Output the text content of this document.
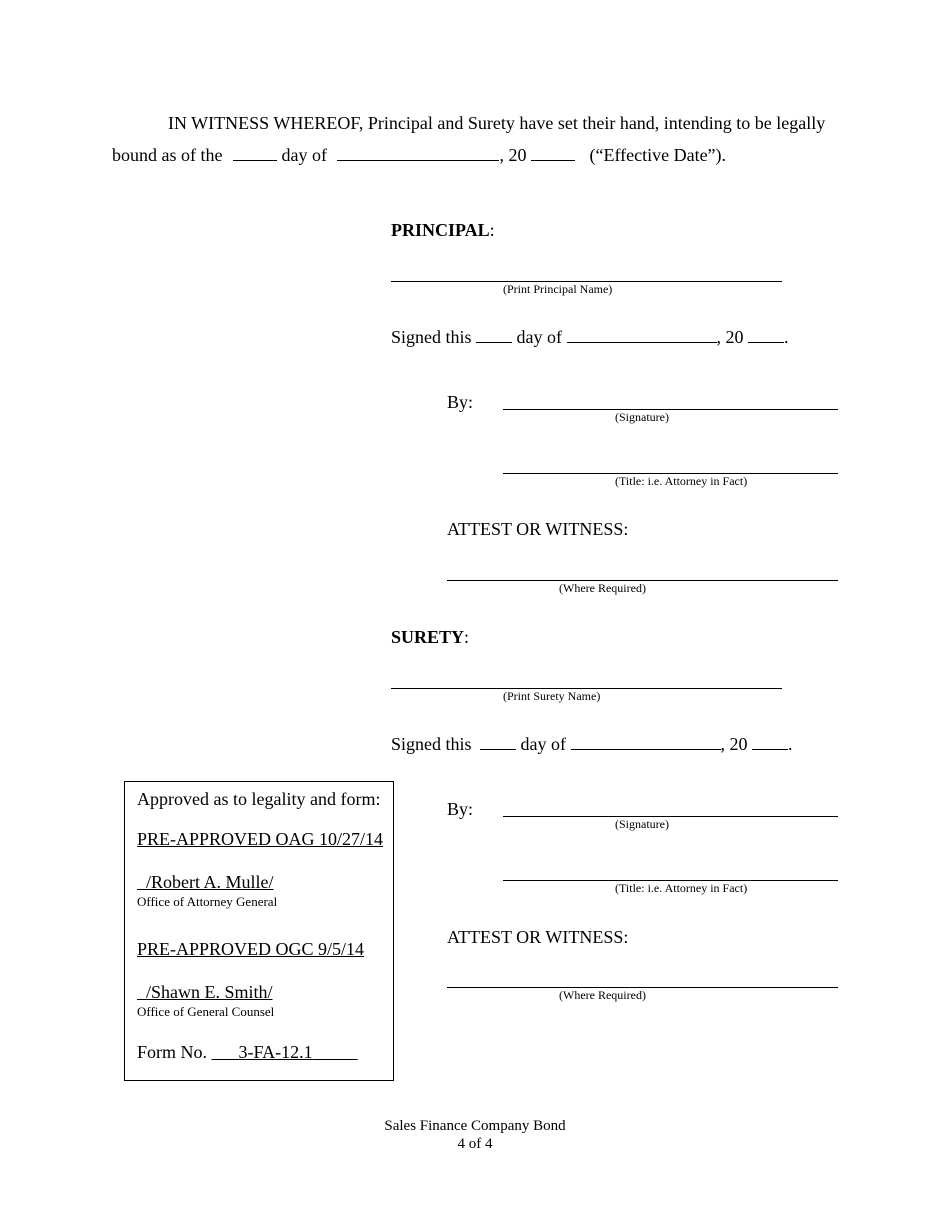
IN WITNESS WHEREOF, Principal and Surety have set their hand, intending to be legally
bound as of the	day of	, 20	(“Effective Date”).
PRINCIPAL:
(Print Principal Name)
Signed this	day of	, 20 .
By:
(Signature)
(Title: i.e. Attorney in Fact)
ATTEST OR WITNESS:
(Where Required)
SURETY:
(Print Surety Name)
Signed this	day of	, 20 .
By:
(Signature)
(Title: i.e. Attorney in Fact)
ATTEST OR WITNESS:
(Where Required)
Approved as to legality and form:
PRE-APPROVED OAG 10/27/14
/Robert A. Mulle/
Office of Attorney General
PRE-APPROVED OGC 9/5/14
/Shawn E. Smith/
Office of General Counsel
Form No. 3-FA-12.1
Sales Finance Company Bond
4 of 4
